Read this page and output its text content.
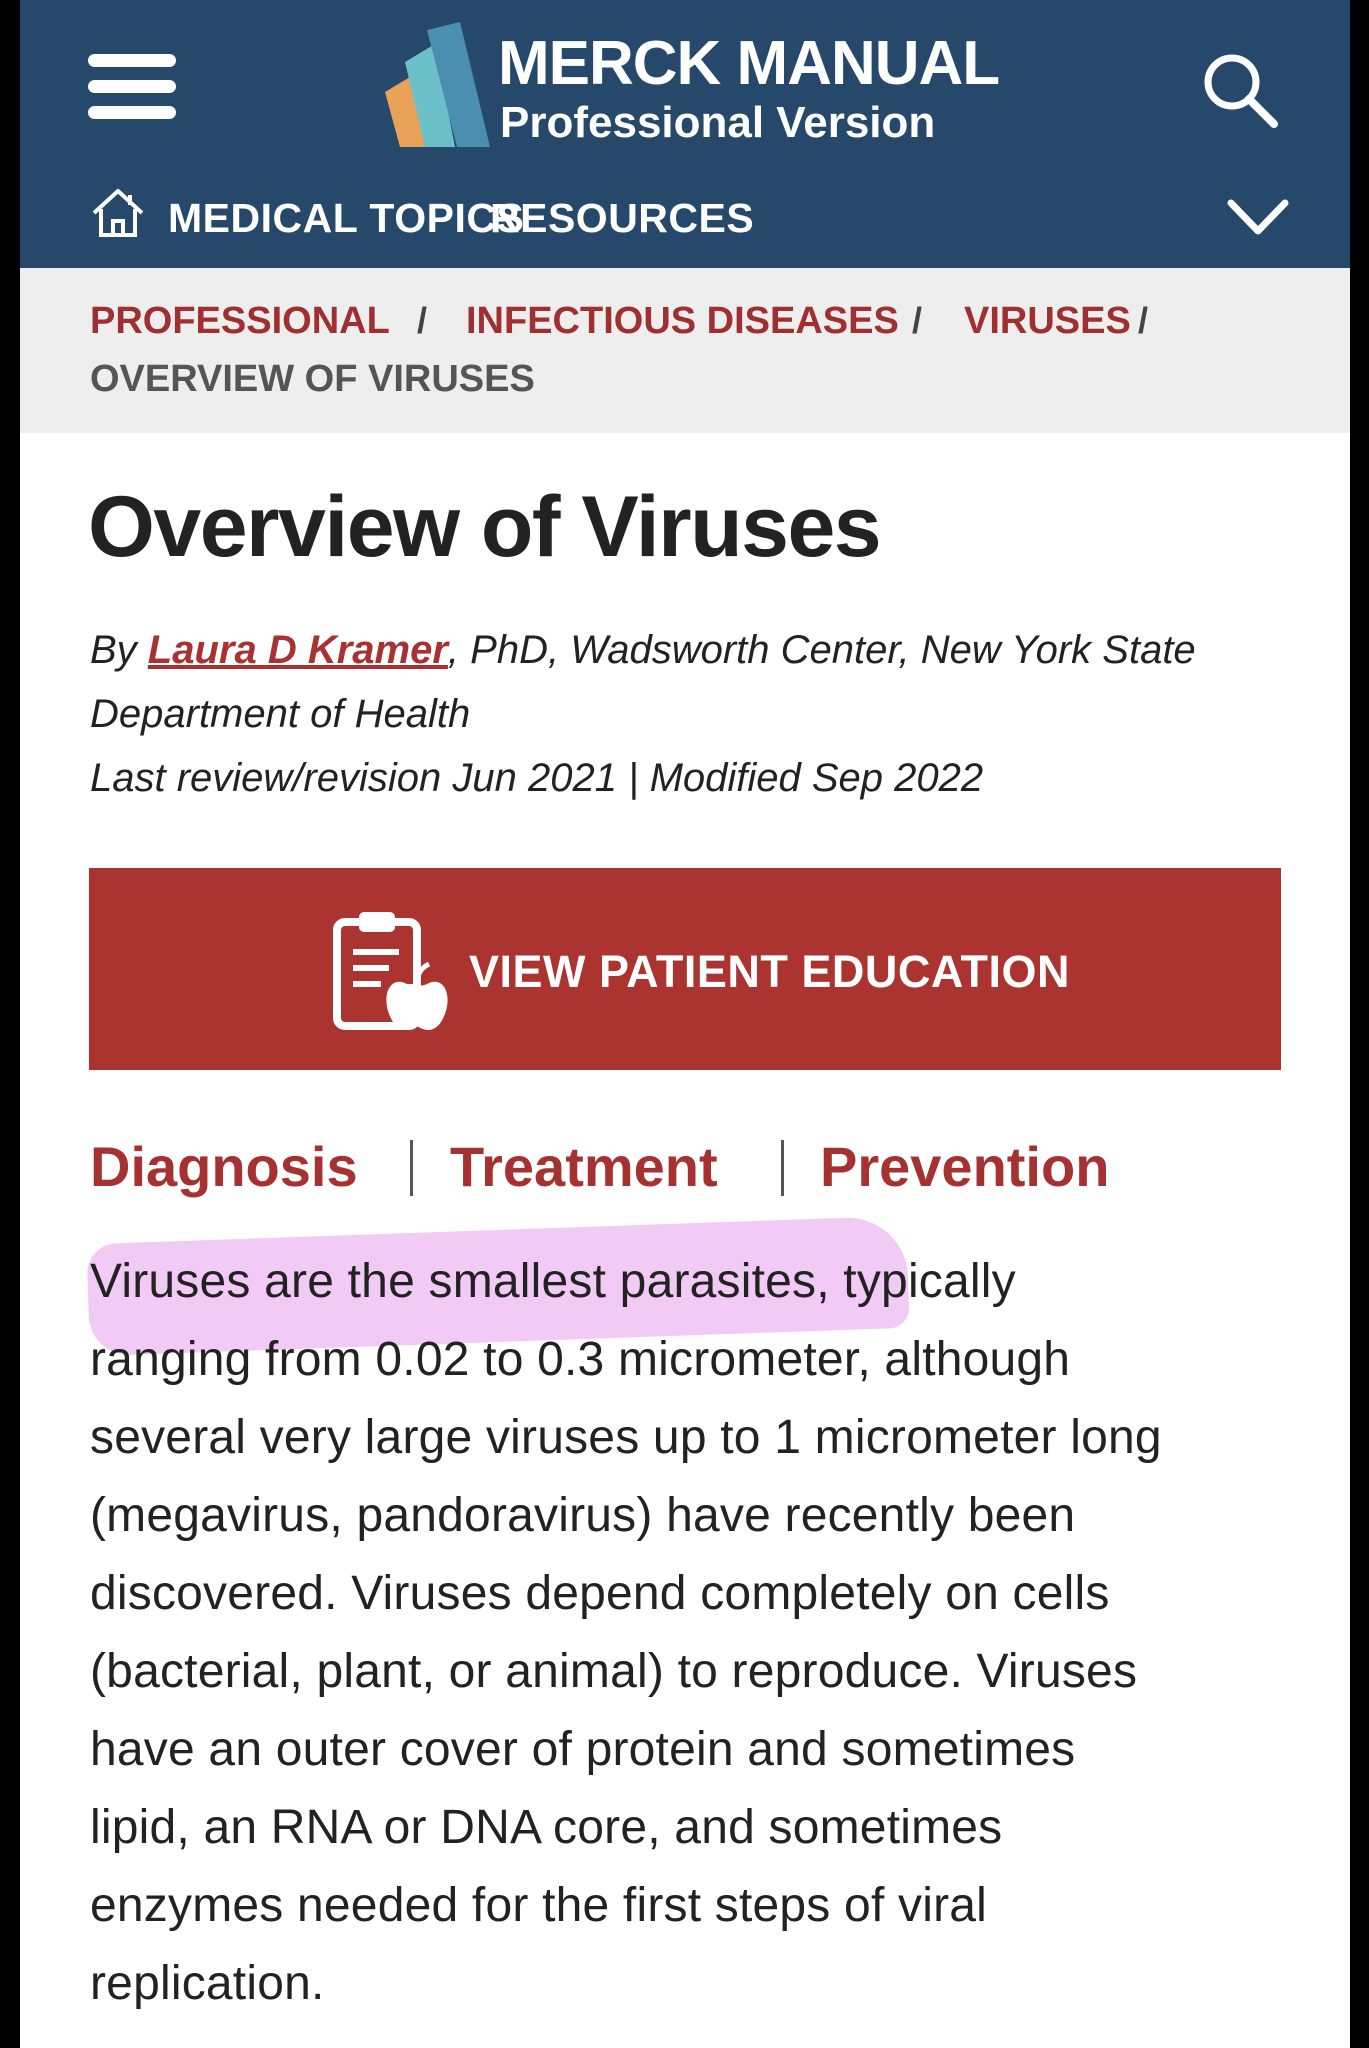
MERCK MANUAL
Professional Version
MEDICAL TOPICS
RESOURCES
PROFESSIONAL / INFECTIOUS DISEASES / VIRUSES /
OVERVIEW OF VIRUSES
Overview of Viruses
By Laura D Kramer, PhD, Wadsworth Center, New York State
Department of Health
Last review/revision Jun 2021 | Modified Sep 2022
VIEW PATIENT EDUCATION
Diagnosis Treatment Prevention
Viruses are the smallest parasites, typically
ranging from 0.02 to 0.3 micrometer, although
several very large viruses up to 1 micrometer long
(megavirus, pandoravirus) have recently been
discovered. Viruses depend completely on cells
(bacterial, plant, or animal) to reproduce. Viruses
have an outer cover of protein and sometimes
lipid, an RNA or DNA core, and sometimes
enzymes needed for the first steps of viral
replication.
